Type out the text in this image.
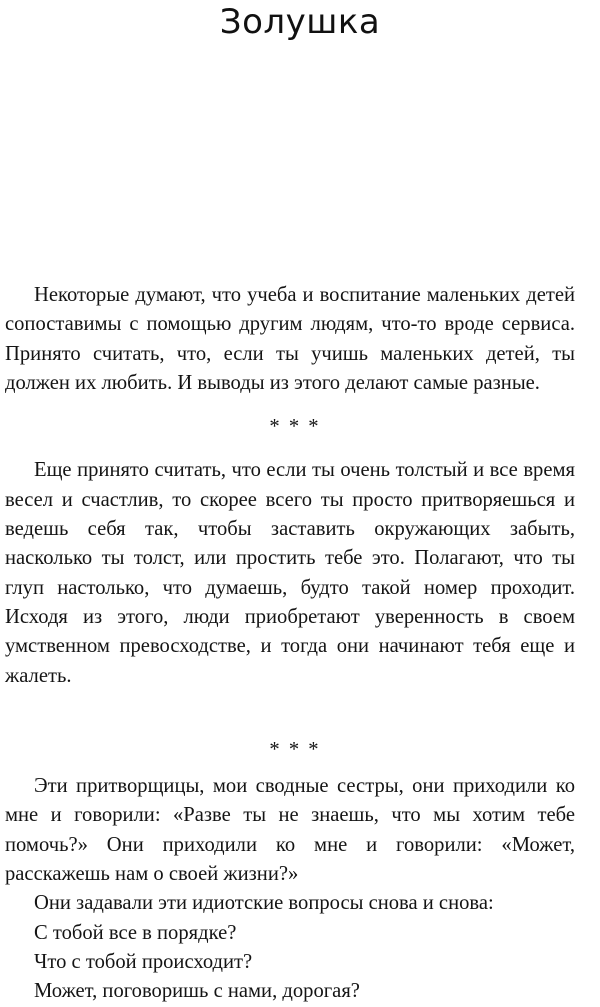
Золушка

Некоторые думают, что учеба и воспитание маленьких детей сопоставимы с помощью другим людям, что-то вроде сервиса. Принято считать, что, если ты учишь маленьких детей, ты должен их любить. И выводы из этого делают самые разные.

* * *

Еще принято считать, что если ты очень толстый и все время весел и счастлив, то скорее всего ты просто притворяешься и ведешь себя так, чтобы заставить окружающих забыть, насколько ты толст, или простить тебе это. Полагают, что ты глуп настолько, что думаешь, будто такой номер проходит. Исходя из этого, люди приобретают уверенность в своем умственном превосходстве, и тогда они начинают тебя еще и жалеть.

* * *

Эти притворщицы, мои сводные сестры, они приходили ко мне и говорили: «Разве ты не знаешь, что мы хотим тебе помочь?» Они приходили ко мне и говорили: «Может, расскажешь нам о своей жизни?»

Они задавали эти идиотские вопросы снова и снова:

С тобой все в порядке?

Что с тобой происходит?

Может, поговоришь с нами, дорогая?
